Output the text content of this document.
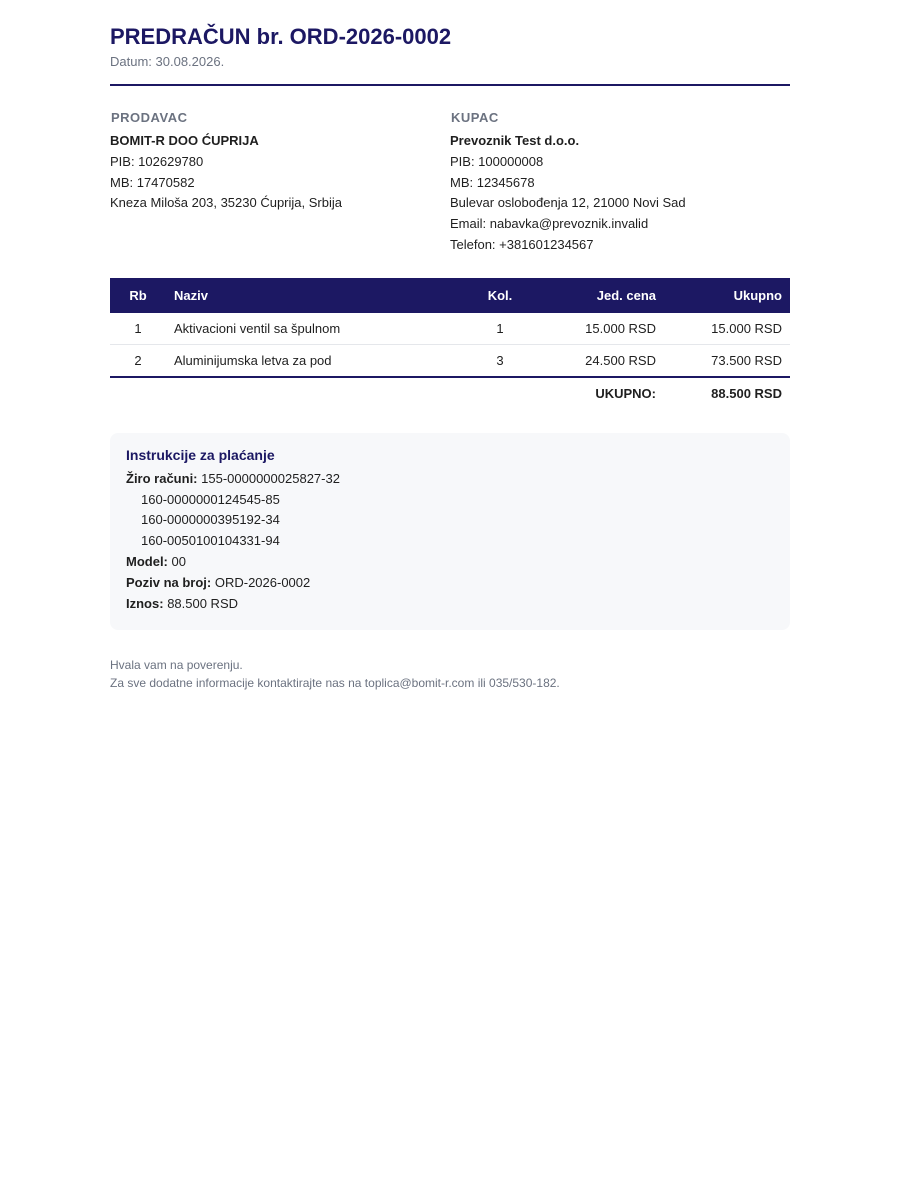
PREDRAČUN br. ORD-2026-0002
Datum: 30.08.2026.
PRODAVAC
BOMIT-R DOO ĆUPRIJA
PIB: 102629780
MB: 17470582
Kneza Miloša 203, 35230 Ćuprija, Srbija
KUPAC
Prevoznik Test d.o.o.
PIB: 100000008
MB: 12345678
Bulevar oslobođenja 12, 21000 Novi Sad
Email: nabavka@prevoznik.invalid
Telefon: +381601234567
Rb	Naziv	Kol.	Jed. cena	Ukupno
1	Aktivacioni ventil sa špulnom	1	15.000 RSD	15.000 RSD
2	Aluminijumska letva za pod	3	24.500 RSD	73.500 RSD
			UKUPNO:	88.500 RSD
Instrukcije za plaćanje
Žiro računi: 155-0000000025827-32
160-0000000124545-85
160-0000000395192-34
160-0050100104331-94
Model: 00
Poziv na broj: ORD-2026-0002
Iznos: 88.500 RSD
Hvala vam na poverenju.
Za sve dodatne informacije kontaktirajte nas na toplica@bomit-r.com ili 035/530-182.
